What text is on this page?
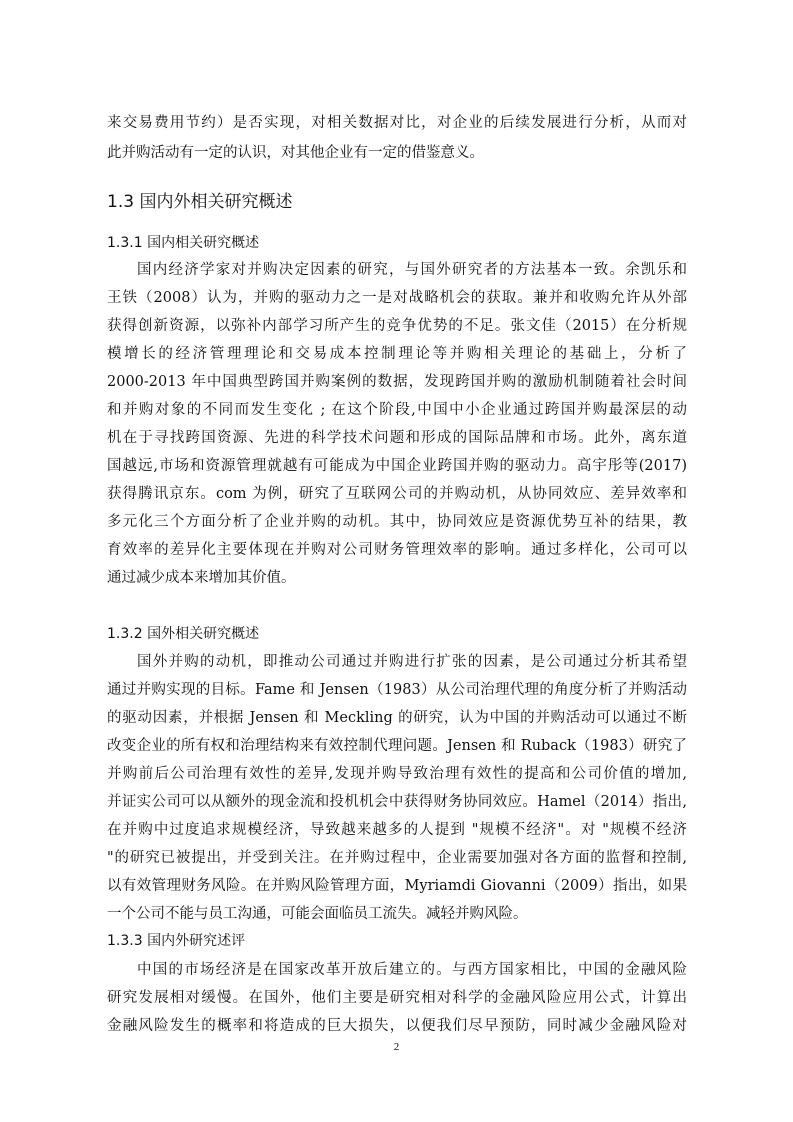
来交易费用节约）是否实现，对相关数据对比，对企业的后续发展进行分析，从而对
此并购活动有一定的认识，对其他企业有一定的借鉴意义。
1.3 国内外相关研究概述
1.3.1 国内相关研究概述
国内经济学家对并购决定因素的研究，与国外研究者的方法基本一致。余凯乐和
王铁（2008）认为，并购的驱动力之一是对战略机会的获取。兼并和收购允许从外部
获得创新资源，以弥补内部学习所产生的竞争优势的不足。张文佳（2015）在分析规
模增长的经济管理理论和交易成本控制理论等并购相关理论的基础上，分析了
2000-2013 年中国典型跨国并购案例的数据，发现跨国并购的激励机制随着社会时间
和并购对象的不同而发生变化 ; 在这个阶段,中国中小企业通过跨国并购最深层的动
机在于寻找跨国资源、先进的科学技术问题和形成的国际品牌和市场。此外，离东道
国越远,市场和资源管理就越有可能成为中国企业跨国并购的驱动力。高宇彤等(2017)
获得腾讯京东。com 为例，研究了互联网公司的并购动机，从协同效应、差异效率和
多元化三个方面分析了企业并购的动机。其中，协同效应是资源优势互补的结果，教
育效率的差异化主要体现在并购对公司财务管理效率的影响。通过多样化，公司可以
通过减少成本来增加其价值。
1.3.2 国外相关研究概述
国外并购的动机，即推动公司通过并购进行扩张的因素，是公司通过分析其希望
通过并购实现的目标。Fame 和 Jensen（1983）从公司治理代理的角度分析了并购活动
的驱动因素，并根据 Jensen 和 Meckling 的研究，认为中国的并购活动可以通过不断
改变企业的所有权和治理结构来有效控制代理问题。Jensen 和 Ruback（1983）研究了
并购前后公司治理有效性的差异,发现并购导致治理有效性的提高和公司价值的增加,
并证实公司可以从额外的现金流和投机机会中获得财务协同效应。Hamel（2014）指出,
在并购中过度追求规模经济，导致越来越多的人提到 "规模不经济"。对 "规模不经济
"的研究已被提出，并受到关注。在并购过程中，企业需要加强对各方面的监督和控制,
以有效管理财务风险。在并购风险管理方面，Myriamdi Giovanni（2009）指出，如果
一个公司不能与员工沟通，可能会面临员工流失。减轻并购风险。
1.3.3 国内外研究述评
中国的市场经济是在国家改革开放后建立的。与西方国家相比，中国的金融风险
研究发展相对缓慢。在国外，他们主要是研究相对科学的金融风险应用公式，计算出
金融风险发生的概率和将造成的巨大损失，以便我们尽早预防，同时减少金融风险对
2
